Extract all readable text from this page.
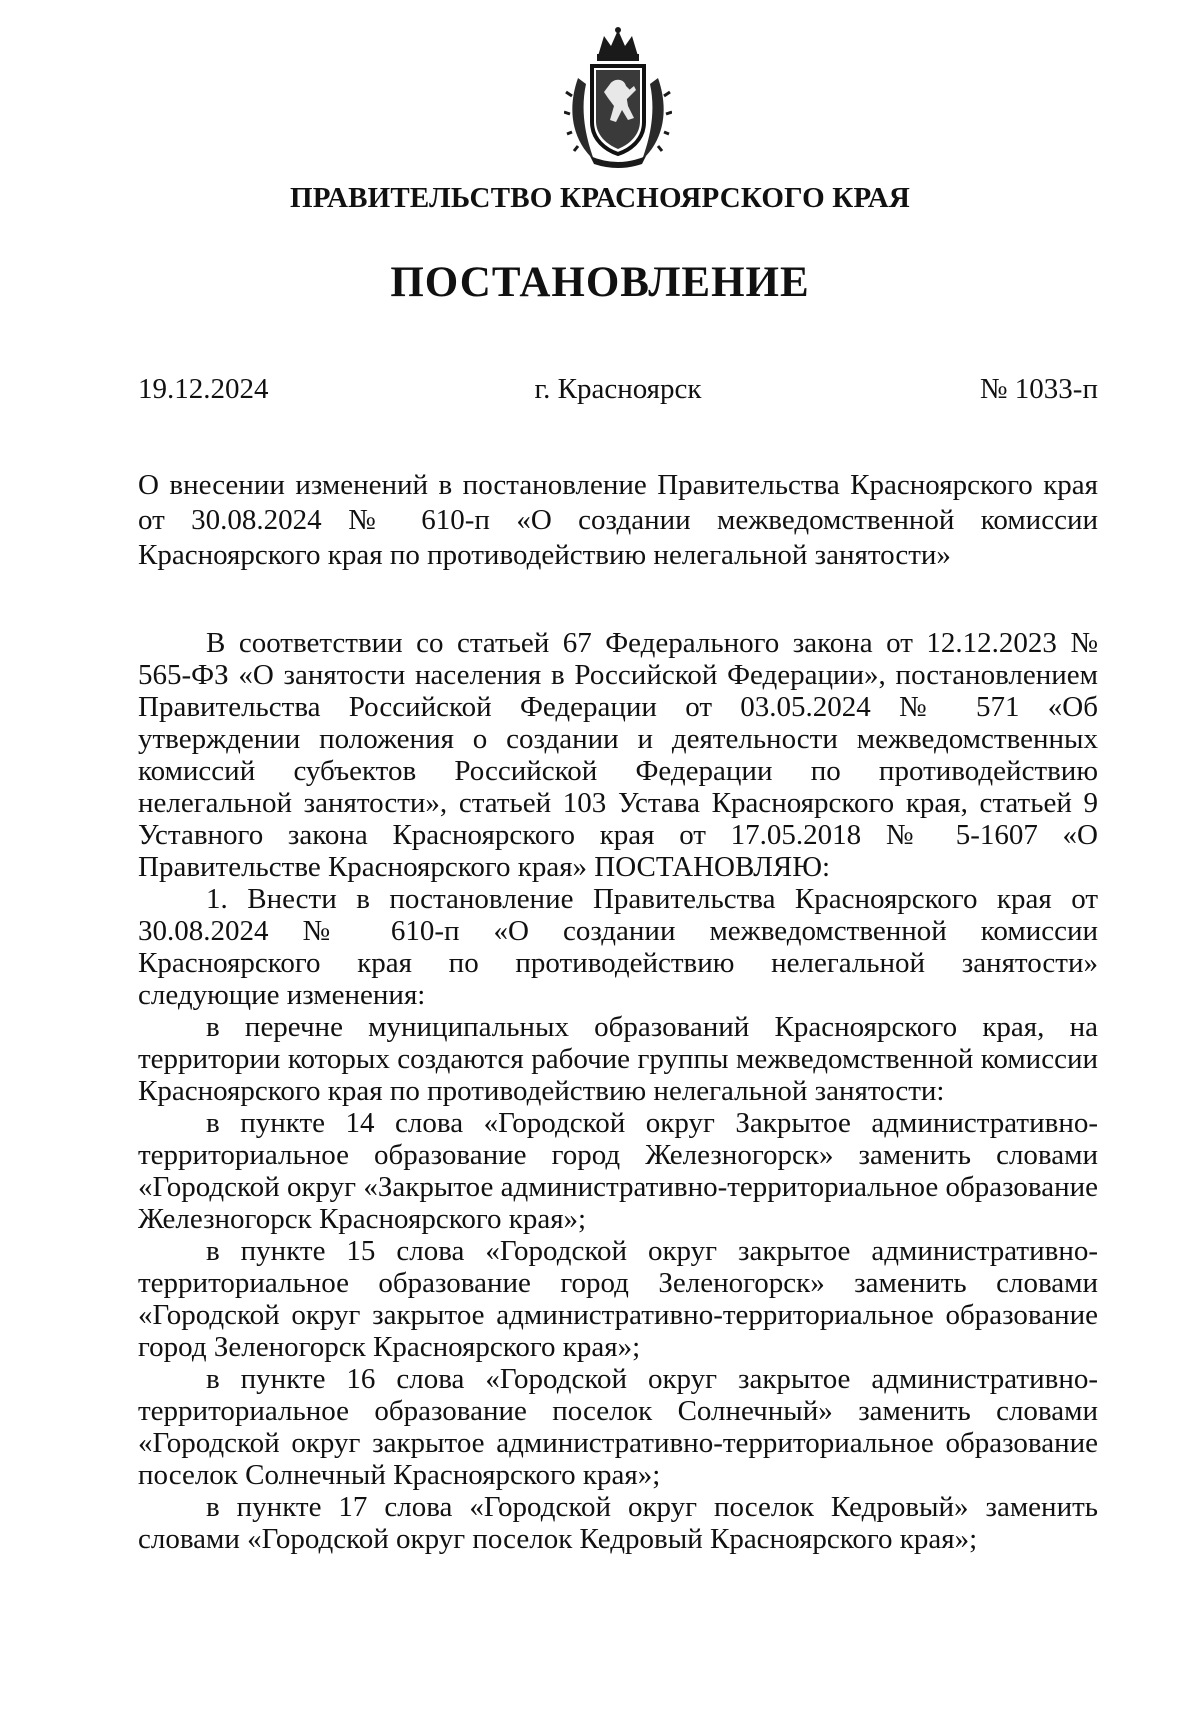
ПРАВИТЕЛЬСТВО КРАСНОЯРСКОГО КРАЯ
ПОСТАНОВЛЕНИЕ
19.12.2024	г. Красноярск	№ 1033-п
О внесении изменений в постановление Правительства Красноярского края от 30.08.2024 № 610-п «О создании межведомственной комиссии Красноярского края по противодействию нелегальной занятости»

В соответствии со статьей 67 Федерального закона от 12.12.2023 № 565-ФЗ «О занятости населения в Российской Федерации», постановлением Правительства Российской Федерации от 03.05.2024 № 571 «Об утверждении положения о создании и деятельности межведомственных комиссий субъектов Российской Федерации по противодействию нелегальной занятости», статьей 103 Устава Красноярского края, статьей 9 Уставного закона Красноярского края от 17.05.2018 № 5-1607 «О Правительстве Красноярского края» ПОСТАНОВЛЯЮ:

1. Внести в постановление Правительства Красноярского края от 30.08.2024 № 610-п «О создании межведомственной комиссии Красноярского края по противодействию нелегальной занятости» следующие изменения:

в перечне муниципальных образований Красноярского края, на территории которых создаются рабочие группы межведомственной комиссии Красноярского края по противодействию нелегальной занятости:

в пункте 14 слова «Городской округ Закрытое административно-территориальное образование город Железногорск» заменить словами «Городской округ «Закрытое административно-территориальное образование Железногорск Красноярского края»;

в пункте 15 слова «Городской округ закрытое административно-территориальное образование город Зеленогорск» заменить словами «Городской округ закрытое административно-территориальное образование город Зеленогорск Красноярского края»;

в пункте 16 слова «Городской округ закрытое административно-территориальное образование поселок Солнечный» заменить словами «Городской округ закрытое административно-территориальное образование поселок Солнечный Красноярского края»;

в пункте 17 слова «Городской округ поселок Кедровый» заменить словами «Городской округ поселок Кедровый Красноярского края»;
